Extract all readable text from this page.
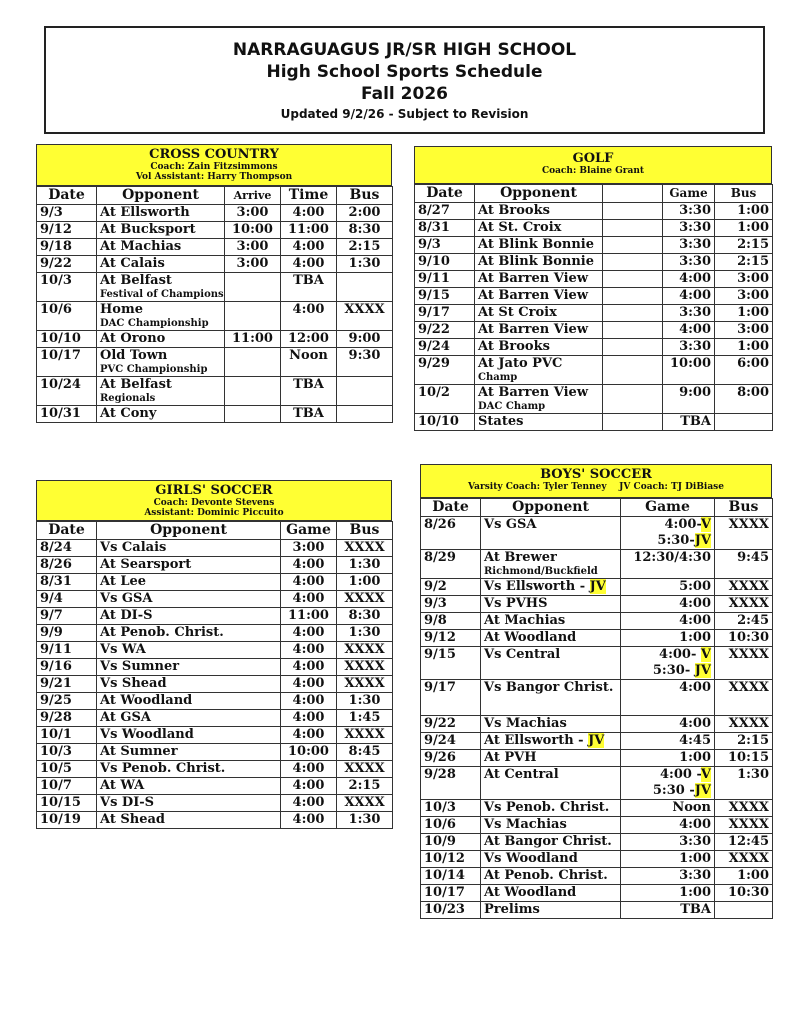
NARRAGUAGUS JR/SR HIGH SCHOOL
High School Sports Schedule
Fall 2026
Updated 9/2/26 - Subject to Revision
CROSS COUNTRY
Coach: Zain Fitzsimmons
Vol Assistant: Harry Thompson
Date	Opponent	Arrive	Time	Bus
9/3	At Ellsworth	3:00	4:00	2:00
9/12	At Bucksport	10:00	11:00	8:30
9/18	At Machias	3:00	4:00	2:15
9/22	At Calais	3:00	4:00	1:30
10/3	At Belfast
Festival of Champions		TBA	
10/6	Home
DAC Championship		4:00	XXXX
10/10	At Orono	11:00	12:00	9:00
10/17	Old Town
PVC Championship		Noon	9:30
10/24	At Belfast
Regionals		TBA	
10/31	At Cony		TBA	
GOLF
Coach: Blaine Grant
Date	Opponent		Game	Bus
8/27	At Brooks		3:30	1:00
8/31	At St. Croix		3:30	1:00
9/3	At Blink Bonnie		3:30	2:15
9/10	At Blink Bonnie		3:30	2:15
9/11	At Barren View		4:00	3:00
9/15	At Barren View		4:00	3:00
9/17	At St Croix		3:30	1:00
9/22	At Barren View		4:00	3:00
9/24	At Brooks		3:30	1:00
9/29	At Jato PVC
Champ		10:00	6:00
10/2	At Barren View
DAC Champ		9:00	8:00
10/10	States		TBA	
GIRLS' SOCCER
Coach: Devonte Stevens
Assistant: Dominic Piccuito
Date	Opponent	Game	Bus
8/24	Vs Calais	3:00	XXXX
8/26	At Searsport	4:00	1:30
8/31	At Lee	4:00	1:00
9/4	Vs GSA	4:00	XXXX
9/7	At DI-S	11:00	8:30
9/9	At Penob. Christ.	4:00	1:30
9/11	Vs WA	4:00	XXXX
9/16	Vs Sumner	4:00	XXXX
9/21	Vs Shead	4:00	XXXX
9/25	At Woodland	4:00	1:30
9/28	At GSA	4:00	1:45
10/1	Vs Woodland	4:00	XXXX
10/3	At Sumner	10:00	8:45
10/5	Vs Penob. Christ.	4:00	XXXX
10/7	At WA	4:00	2:15
10/15	Vs DI-S	4:00	XXXX
10/19	At Shead	4:00	1:30
BOYS' SOCCER
Varsity Coach: Tyler Tenney JV Coach: TJ DiBiase
Date	Opponent	Game	Bus
8/26	Vs GSA	4:00-V
5:30-JV	XXXX
8/29	At Brewer
Richmond/Buckfield	12:30/4:30	9:45
9/2	Vs Ellsworth - JV	5:00	XXXX
9/3	Vs PVHS	4:00	XXXX
9/8	At Machias	4:00	2:45
9/12	At Woodland	1:00	10:30
9/15	Vs Central	4:00- V
5:30- JV	XXXX
9/17	Vs Bangor Christ.	4:00	XXXX
9/22	Vs Machias	4:00	XXXX
9/24	At Ellsworth - JV	4:45	2:15
9/26	At PVH	1:00	10:15
9/28	At Central	4:00 -V
5:30 -JV	1:30
10/3	Vs Penob. Christ.	Noon	XXXX
10/6	Vs Machias	4:00	XXXX
10/9	At Bangor Christ.	3:30	12:45
10/12	Vs Woodland	1:00	XXXX
10/14	At Penob. Christ.	3:30	1:00
10/17	At Woodland	1:00	10:30
10/23	Prelims	TBA	
